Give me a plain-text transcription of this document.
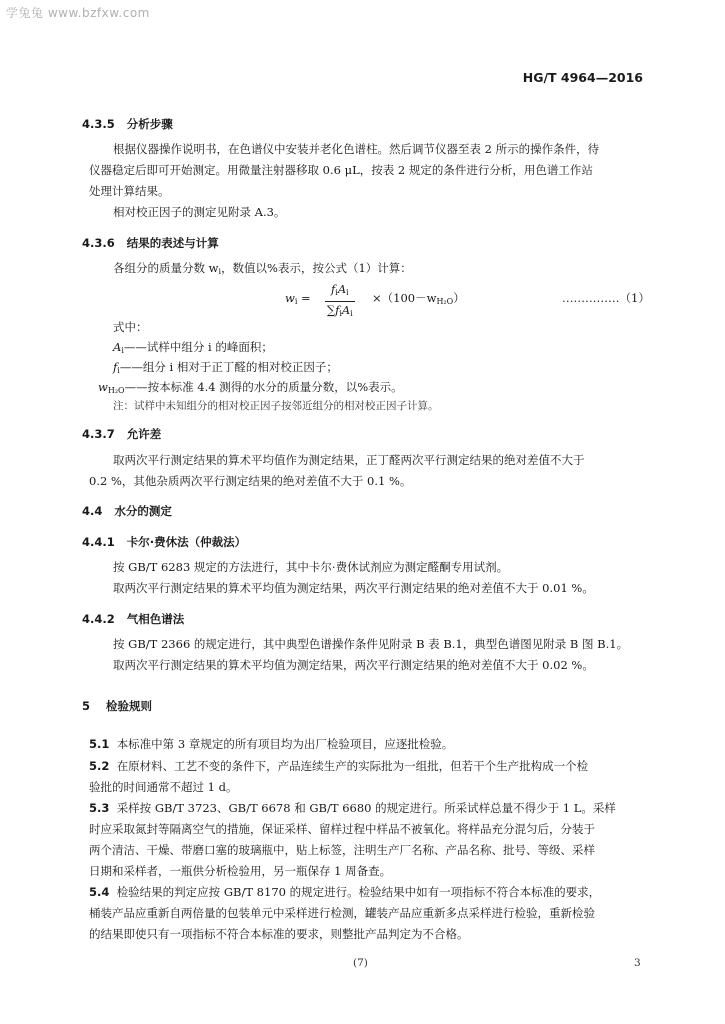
学兔兔 www.bzfxw.com
HG/T 4964—2016
4.3.5 分析步骤
根据仪器操作说明书，在色谱仪中安装并老化色谱柱。然后调节仪器至表 2 所示的操作条件，待
仪器稳定后即可开始测定。用微量注射器移取 0.6 μL，按表 2 规定的条件进行分析，用色谱工作站
处理计算结果。
相对校正因子的测定见附录 A.3。
4.3.6 结果的表述与计算
各组分的质量分数 $w_i$，数值以%表示，按公式（1）计算：
$w_i$ =
$f_iA_i$
$\sum f_iA_i$
$\times(100-w_{H_2O})$	……………（1）
式中：
$A_i——$试样中组分 i 的峰面积；
$f_i——$组分 i 相对于正丁醛的相对校正因子；
$w_{H_2O}——$按本标准 4.4 测得的水分的质量分数，以%表示。
注：试样中未知组分的相对校正因子按邻近组分的相对校正因子计算。
4.3.7 允许差
取两次平行测定结果的算术平均值作为测定结果，正丁醛两次平行测定结果的绝对差值不大于
0.2 %，其他杂质两次平行测定结果的绝对差值不大于 0.1 %。
4.4 水分的测定
4.4.1 卡尔·费休法（仲裁法）
按 GB/T 6283 规定的方法进行，其中卡尔·费休试剂应为测定醛酮专用试剂。
取两次平行测定结果的算术平均值为测定结果，两次平行测定结果的绝对差值不大于 0.01 %。
4.4.2 气相色谱法
按 GB/T 2366 的规定进行，其中典型色谱操作条件见附录 B 表 B.1，典型色谱图见附录 B 图 B.1。
取两次平行测定结果的算术平均值为测定结果，两次平行测定结果的绝对差值不大于 0.02 %。
5 检验规则
5.1 本标准中第 3 章规定的所有项目均为出厂检验项目，应逐批检验。
5.2 在原材料、工艺不变的条件下，产品连续生产的实际批为一组批，但若干个生产批构成一个检
验批的时间通常不超过 1 d。
5.3 采样按 GB/T 3723、GB/T 6678 和 GB/T 6680 的规定进行。所采试样总量不得少于 1 L。采样
时应采取氮封等隔离空气的措施，保证采样、留样过程中样品不被氧化。将样品充分混匀后，分装于
两个清洁、干燥、带磨口塞的玻璃瓶中，贴上标签，注明生产厂名称、产品名称、批号、等级、采样
日期和采样者，一瓶供分析检验用，另一瓶保存 1 周备查。
5.4 检验结果的判定应按 GB/T 8170 的规定进行。检验结果中如有一项指标不符合本标准的要求，
桶装产品应重新自两倍量的包装单元中采样进行检测，罐装产品应重新多点采样进行检验，重新检验
的结果即使只有一项指标不符合本标准的要求，则整批产品判定为不合格。
(7)	3
